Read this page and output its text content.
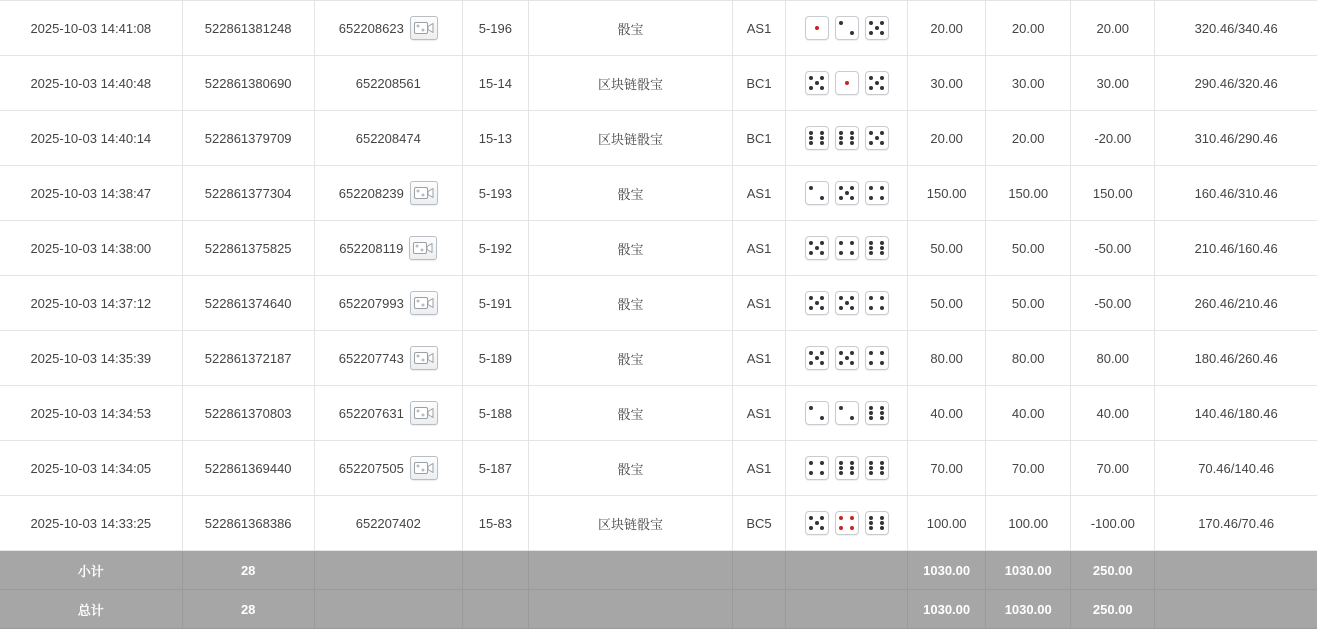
2025-10-03 14:41:08	522861381248	652208623	5-196	骰宝	AS1		20.00	20.00	20.00	320.46/340.46
2025-10-03 14:40:48	522861380690	652208561	15-14	区块链骰宝	BC1		30.00	30.00	30.00	290.46/320.46
2025-10-03 14:40:14	522861379709	652208474	15-13	区块链骰宝	BC1		20.00	20.00	-20.00	310.46/290.46
2025-10-03 14:38:47	522861377304	652208239	5-193	骰宝	AS1		150.00	150.00	150.00	160.46/310.46
2025-10-03 14:38:00	522861375825	652208119	5-192	骰宝	AS1		50.00	50.00	-50.00	210.46/160.46
2025-10-03 14:37:12	522861374640	652207993	5-191	骰宝	AS1		50.00	50.00	-50.00	260.46/210.46
2025-10-03 14:35:39	522861372187	652207743	5-189	骰宝	AS1		80.00	80.00	80.00	180.46/260.46
2025-10-03 14:34:53	522861370803	652207631	5-188	骰宝	AS1		40.00	40.00	40.00	140.46/180.46
2025-10-03 14:34:05	522861369440	652207505	5-187	骰宝	AS1		70.00	70.00	70.00	70.46/140.46
2025-10-03 14:33:25	522861368386	652207402	15-83	区块链骰宝	BC5		100.00	100.00	-100.00	170.46/70.46
小计	28						1030.00	1030.00	250.00	
总计	28						1030.00	1030.00	250.00	
